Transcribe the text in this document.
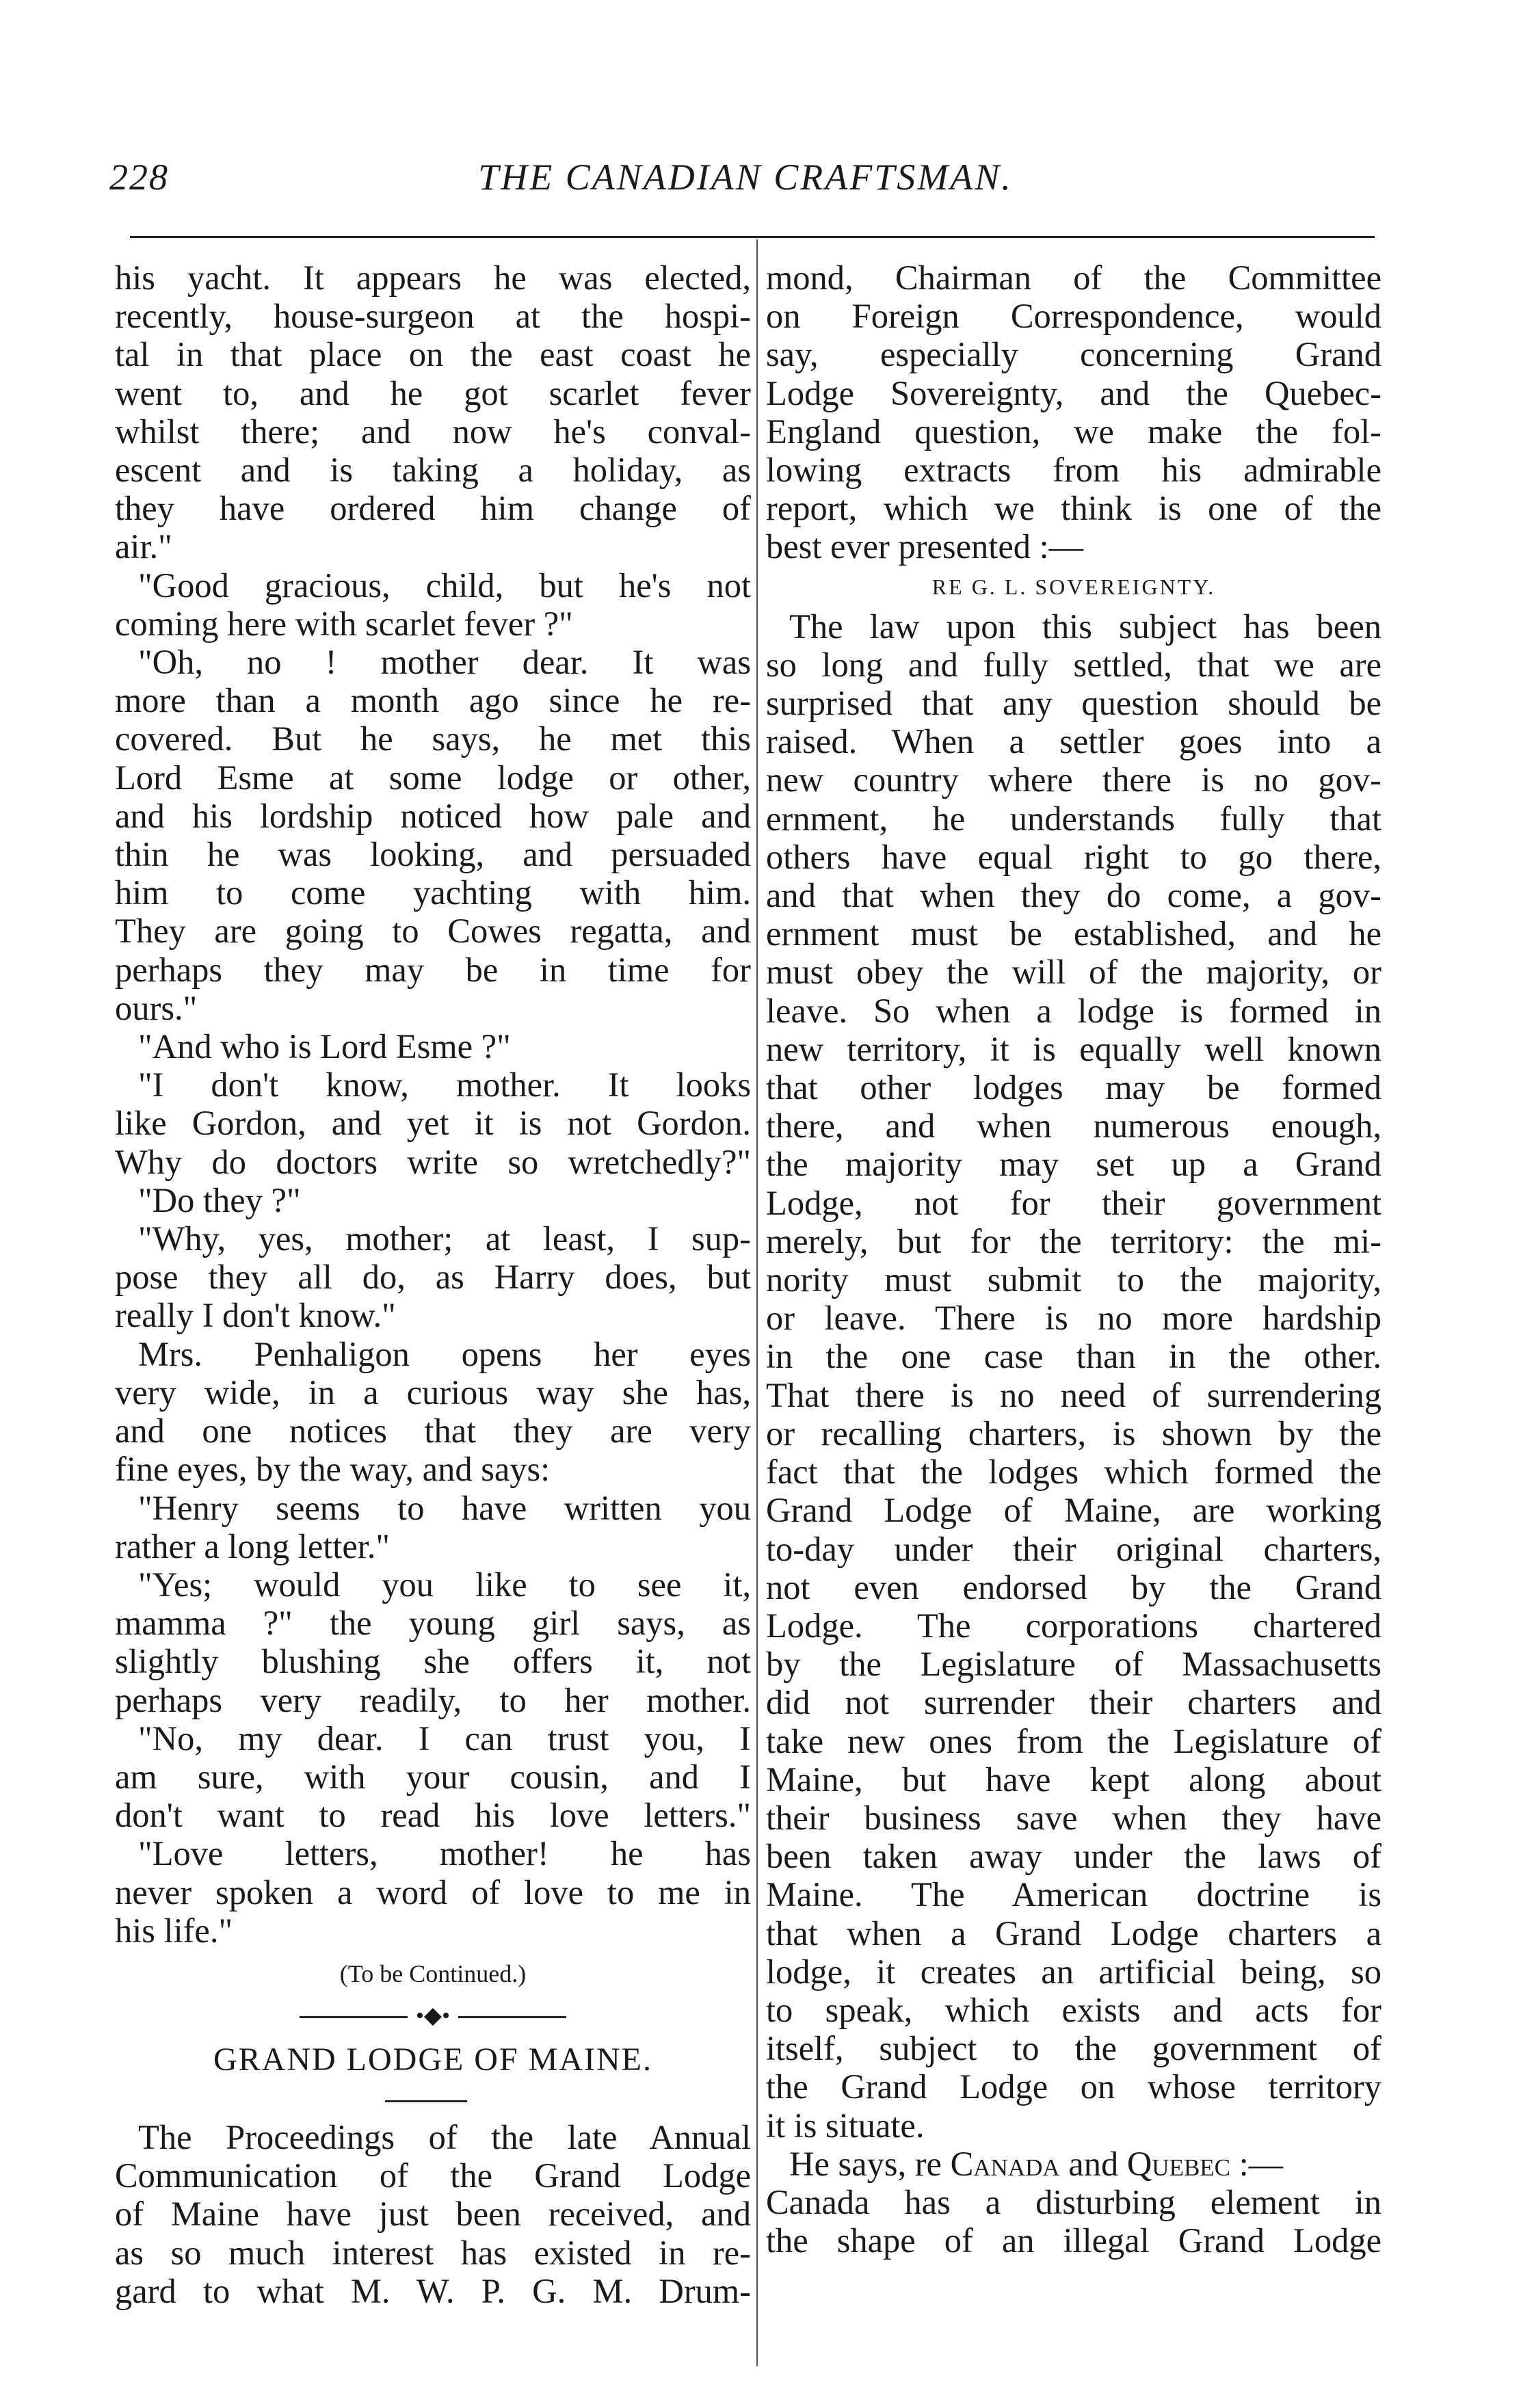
228	THE CANADIAN CRAFTSMAN.
his yacht. It appears he was elected,
recently, house-surgeon at the hospi-
tal in that place on the east coast he
went to, and he got scarlet fever
whilst there; and now he's conval-
escent and is taking a holiday, as
they have ordered him change of
air."
"Good gracious, child, but he's not
coming here with scarlet fever ?"
"Oh, no ! mother dear. It was
more than a month ago since he re-
covered. But he says, he met this
Lord Esme at some lodge or other,
and his lordship noticed how pale and
thin he was looking, and persuaded
him to come yachting with him.
They are going to Cowes regatta, and
perhaps they may be in time for
ours."
"And who is Lord Esme ?"
"I don't know, mother. It looks
like Gordon, and yet it is not Gordon.
Why do doctors write so wretchedly?"
"Do they ?"
"Why, yes, mother; at least, I sup-
pose they all do, as Harry does, but
really I don't know."
Mrs. Penhaligon opens her eyes
very wide, in a curious way she has,
and one notices that they are very
fine eyes, by the way, and says:
"Henry seems to have written you
rather a long letter."
"Yes; would you like to see it,
mamma ?" the young girl says, as
slightly blushing she offers it, not
perhaps very readily, to her mother.
"No, my dear. I can trust you, I
am sure, with your cousin, and I
don't want to read his love letters."
"Love letters, mother! he has
never spoken a word of love to me in
his life."
(To be Continued.)
•◆•
GRAND LODGE OF MAINE.
The Proceedings of the late Annual
Communication of the Grand Lodge
of Maine have just been received, and
as so much interest has existed in re-
gard to what M. W. P. G. M. Drum-
mond, Chairman of the Committee
on Foreign Correspondence, would
say, especially concerning Grand
Lodge Sovereignty, and the Quebec-
England question, we make the fol-
lowing extracts from his admirable
report, which we think is one of the
best ever presented :—
RE G. L. SOVEREIGNTY.
The law upon this subject has been
so long and fully settled, that we are
surprised that any question should be
raised. When a settler goes into a
new country where there is no gov-
ernment, he understands fully that
others have equal right to go there,
and that when they do come, a gov-
ernment must be established, and he
must obey the will of the majority, or
leave. So when a lodge is formed in
new territory, it is equally well known
that other lodges may be formed
there, and when numerous enough,
the majority may set up a Grand
Lodge, not for their government
merely, but for the territory: the mi-
nority must submit to the majority,
or leave. There is no more hardship
in the one case than in the other.
That there is no need of surrendering
or recalling charters, is shown by the
fact that the lodges which formed the
Grand Lodge of Maine, are working
to-day under their original charters,
not even endorsed by the Grand
Lodge. The corporations chartered
by the Legislature of Massachusetts
did not surrender their charters and
take new ones from the Legislature of
Maine, but have kept along about
their business save when they have
been taken away under the laws of
Maine. The American doctrine is
that when a Grand Lodge charters a
lodge, it creates an artificial being, so
to speak, which exists and acts for
itself, subject to the government of
the Grand Lodge on whose territory
it is situate.
He says, re Canada and Quebec :—
Canada has a disturbing element in
the shape of an illegal Grand Lodge
